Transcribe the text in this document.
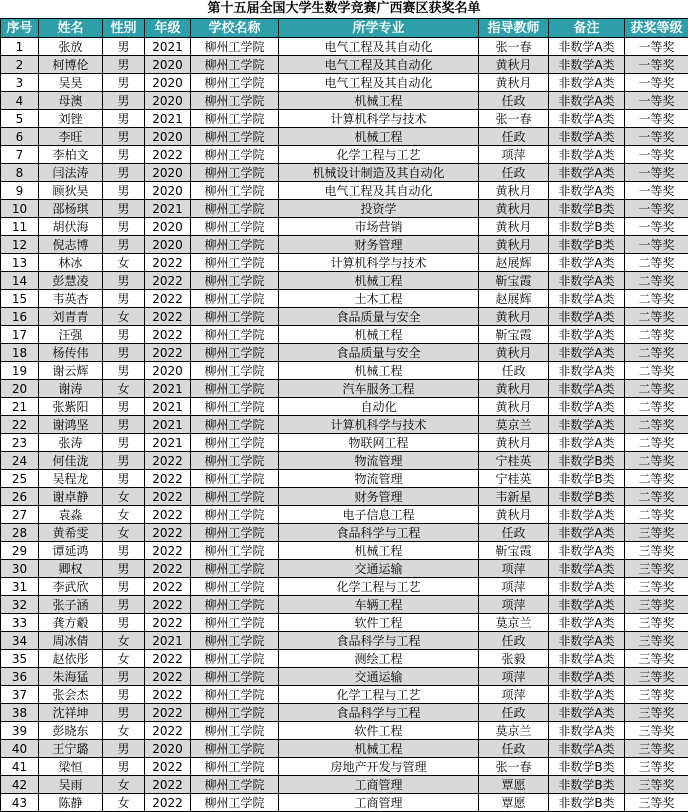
第十五届全国大学生数学竞赛广西赛区获奖名单
序号	姓名	性别	年级	学校名称	所学专业	指导教师	备注	获奖等级
1	张放	男	2021	柳州工学院	电气工程及其自动化	张一春	非数学A类	一等奖
2	柯博伦	男	2020	柳州工学院	电气工程及其自动化	黄秋月	非数学A类	一等奖
3	吴昊	男	2020	柳州工学院	电气工程及其自动化	黄秋月	非数学A类	一等奖
4	母澳	男	2020	柳州工学院	机械工程	任政	非数学A类	一等奖
5	刘锉	男	2021	柳州工学院	计算机科学与技术	张一春	非数学A类	一等奖
6	李旺	男	2020	柳州工学院	机械工程	任政	非数学A类	一等奖
7	李柏文	男	2022	柳州工学院	化学工程与工艺	项萍	非数学A类	一等奖
8	闫法涛	男	2020	柳州工学院	机械设计制造及其自动化	任政	非数学A类	一等奖
9	顾狄昊	男	2020	柳州工学院	电气工程及其自动化	黄秋月	非数学A类	一等奖
10	邵杨琪	男	2021	柳州工学院	投资学	黄秋月	非数学B类	一等奖
11	胡伏海	男	2020	柳州工学院	市场营销	黄秋月	非数学B类	一等奖
12	倪志博	男	2020	柳州工学院	财务管理	黄秋月	非数学B类	一等奖
13	林冰	女	2022	柳州工学院	计算机科学与技术	赵展辉	非数学A类	二等奖
14	彭慧凌	男	2022	柳州工学院	机械工程	靳宝霞	非数学A类	二等奖
15	韦英杏	男	2022	柳州工学院	土木工程	赵展辉	非数学A类	二等奖
16	刘青青	女	2022	柳州工学院	食品质量与安全	黄秋月	非数学A类	二等奖
17	汪强	男	2022	柳州工学院	机械工程	靳宝霞	非数学A类	二等奖
18	杨传伟	男	2022	柳州工学院	食品质量与安全	黄秋月	非数学A类	二等奖
19	谢云辉	男	2020	柳州工学院	机械工程	任政	非数学A类	二等奖
20	谢涛	女	2021	柳州工学院	汽车服务工程	黄秋月	非数学A类	二等奖
21	张紫阳	男	2021	柳州工学院	自动化	黄秋月	非数学A类	二等奖
22	谢鸿坚	男	2021	柳州工学院	计算机科学与技术	莫京兰	非数学A类	二等奖
23	张涛	男	2021	柳州工学院	物联网工程	黄秋月	非数学A类	二等奖
24	何佳泷	男	2022	柳州工学院	物流管理	宁桂英	非数学B类	二等奖
25	吴程龙	男	2022	柳州工学院	物流管理	宁桂英	非数学B类	二等奖
26	谢卓静	女	2022	柳州工学院	财务管理	韦新星	非数学B类	二等奖
27	袁淼	女	2022	柳州工学院	电子信息工程	黄秋月	非数学A类	二等奖
28	黄希雯	女	2022	柳州工学院	食品科学与工程	任政	非数学A类	三等奖
29	谭延鸿	男	2022	柳州工学院	机械工程	靳宝霞	非数学A类	三等奖
30	卿权	男	2022	柳州工学院	交通运输	项萍	非数学A类	三等奖
31	李武欣	男	2022	柳州工学院	化学工程与工艺	项萍	非数学A类	三等奖
32	张子涵	男	2022	柳州工学院	车辆工程	项萍	非数学A类	三等奖
33	龚方觳	男	2022	柳州工学院	软件工程	莫京兰	非数学A类	三等奖
34	周冰倩	女	2021	柳州工学院	食品科学与工程	任政	非数学A类	三等奖
35	赵依彤	女	2022	柳州工学院	测绘工程	张毅	非数学A类	三等奖
36	朱海猛	男	2022	柳州工学院	交通运输	项萍	非数学A类	三等奖
37	张会杰	男	2022	柳州工学院	化学工程与工艺	项萍	非数学A类	三等奖
38	沈祥坤	男	2022	柳州工学院	食品科学与工程	任政	非数学A类	三等奖
39	彭晓东	女	2022	柳州工学院	软件工程	莫京兰	非数学A类	三等奖
40	王宁璐	男	2020	柳州工学院	机械工程	任政	非数学A类	三等奖
41	梁恒	男	2022	柳州工学院	房地产开发与管理	张一春	非数学B类	三等奖
42	吴雨	女	2022	柳州工学院	工商管理	覃愿	非数学B类	三等奖
43	陈静	女	2022	柳州工学院	工商管理	覃愿	非数学B类	三等奖
